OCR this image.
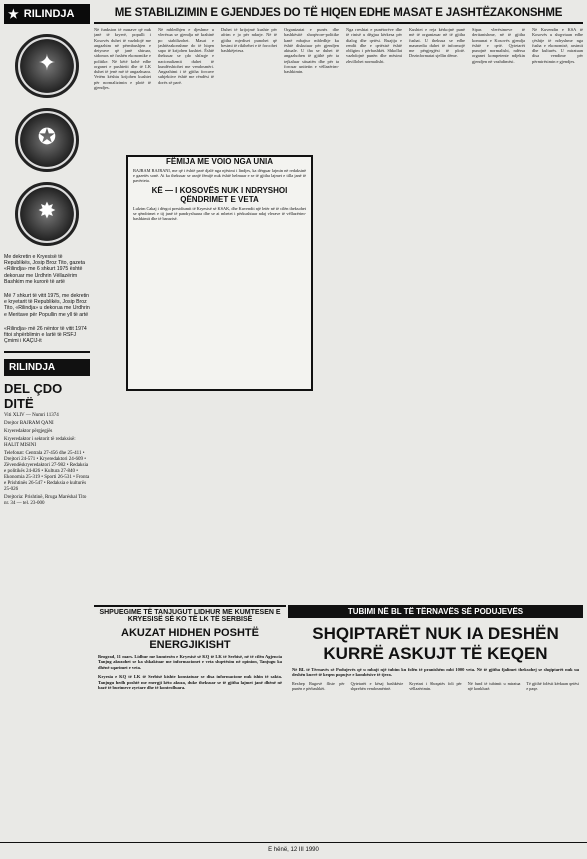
★ RILINDJA
✦
✪
✸
Me dekretin e Kryesisë të Republikës, Josip Broz Tito, gazeta «Rilindja» me 6 shkurt 1975 është dekoruar me Urdhrin Vëllazërim Bashkim me kurorë të artë
Më 7 shkurt të vitit 1975, me dekretin e kryetarit të Republikës, Josip Broz Tito, «Rilindja» u dekorua me Urdhrin e Meritave për Popullin me yll të artë
«Rilindja» më 26 nëntor të vitit 1974 fitoi shpërblimin e lartë të RSFJ Çmimi i KAÇIJ-it
RILINDJA
DEL ÇDO DITË
Viti XLIV — Numri 11374
Drejtor BAJRAM QANI
Kryeredaktor përgjegjës
Kryeredaktor i sektorit të redaksisë: HALIT MISINI
Telefonat: Centrala 27-456 dhe 25-411 • Drejtori 24-571 • Kryeredaktori 24-609 • Zëvendëskryeredaktori 27-982 • Redaksia e politikës 24-826 • Kultura 27-840 • Ekonomia 25-319 • Sporti 26-531 • Fronta e Prishtinës 26-547 • Redaksia e kulturës 25-026
Drejtoria: Prishtinë, Rruga Maréshal Tito nr. 34 — tel. 23-000
ME STABILIZIMIN E GJENDJES DO TË HIQEN EDHE MASAT E JASHTËZAKONSHME
Në funksion të masave që nuk janë të kryerë, populli i Kosovës duhet të vazhdojë me angazhim në përmbushjen e detyrave që janë shtruar, sidomos në fushën ekonomike e politike. Në këtë kohë edhe organet e pushtetit dhe të LK duhet të jenë më të angazhuara. Vetëm kështu krijohen kushtet për normalizimin e plotë të gjendjes.
Në mbledhjen e djeshme u vlerësua se gjendja në krahinë po stabilizohet. Masat e jashtëzakonshme do të hiqen sapo të krijohen kushtet. Është theksuar se çdo shfaqje e nacionalizmit duhet të kundërshtohet me vendosmëri. Angazhimi i të gjitha forcave subjektive është me rëndësi të dorës së parë.
Duhet të krijojmë kushte për afrim e jo për ndarje. Në të gjitha mjediset punohet që besimi të rikthehet e të forcohet bashkëjetesa.
Organizatat e punës dhe bashkësitë shoqërore-politike kanë mbajtur mbledhje ku është diskutuar për gjendjen aktuale. U tha se duhet të angazhohen të gjithë për ta tejkaluar situatën dhe për ta forcuar unitetin e vëllazërim-bashkimin.
Nga rreshtat e punëtorëve dhe të rinisë u dëgjua kërkesa për dialog dhe qetësi. Ruajtja e rendit dhe e qetësisë është obligim i përbashkët. Shkollat vazhdojnë punën dhe mësimi zhvillohet normalisht.
Kushtet e reja kërkojnë punë më të organizuar në të gjitha fushat. U theksua se edhe masmedia duhet të informojë me përgjegjësi të plotë. Dezinformatat sjellin dëme.
Sipas vlerësimeve të deritanishme, në të gjitha komunat e Kosovës gjendja është e qetë. Qytetarët punojnë normalisht, ndërsa organet kompetente ndjekin gjendjen në vazhdimësi.
Në Kuvendin e KSA të Kosovës u shqyrtuan edhe çështje të ndryshme nga fusha e ekonomisë, arsimit dhe kulturës. U miratuan disa vendime për përmirësimin e gjendjes.
FËMIJA ME VOIO NGA UNIA
BAJRAM RAJRANI, me që i është parë djalë nga njësimi i lindjes, ka dërguar lajmin në redaksinë e gazetës sonë. Ai ka theksuar se asnjë fëmijë nuk është helmuar e se të gjitha lajmet e tilla janë të pavërteta.
KË — I KOSOVËS NUK I NDRYSHOI QËNDRIMET E VETA
Lulzim Cakaj i dërgoi presidiumit të Kryesisë së KSAK, dhe Kuvendit një letër në të cilën theksohet se qëndrimet e tij janë të pandryshuara dhe se ai mbetet i përkushtuar ndaj vlerave të vëllazërim-bashkimit dhe të barazisë.
SHPUEGIME TË TANJUGUT LIDHUR ME KUMTESEN E KRYESISË SË KO TË LK TË SERBISË
AKUZAT HIDHEN POSHTË ENERGJIKISHT
Beograd, 11 mars. Lidhur me kumtesën e Kryesisë së KQ të LK të Serbisë, në të cilën Agjencia Tanjug akuzohet se ka shkaktuar me informacionet e veta shqetësim në opinion, Tanjugu ka dhënë sqarimet e veta.
Kryesia e KQ të LK të Serbisë kishte konstatuar se disa informacione nuk ishin të sakta. Tanjugu hedh poshtë me energji këto akuza, duke theksuar se të gjitha lajmet janë dhënë në bazë të burimeve zyrtare dhe të kontrolluara.
TUBIMI NË BL TË TËRNAVËS SË PODUJEVËS
SHQIPTARËT NUK IA DESHËN KURRË ASKUJT TË KEQEN
Në BL të Tërnavës së Podujevës që u mbajt një tubim ku folën të pranishëm mbi 1000 veta. Në të gjitha fjalimet theksohej se shqiptarët nuk ua deshën kurrë të keqen popujve e kombësive të tjera.
Rexhep Rugovë fliste për punën e përbashkët.
Qytetarët e kësaj bashkësie shprehën vendosmërinë.
Kryetari i Shoqatës foli për vëllazërimin.
Në fund të tubimit u miratua një konkluzë.
Të gjithë folësit kërkuan qetësi e paqe.
E hënë, 12 III 1990
